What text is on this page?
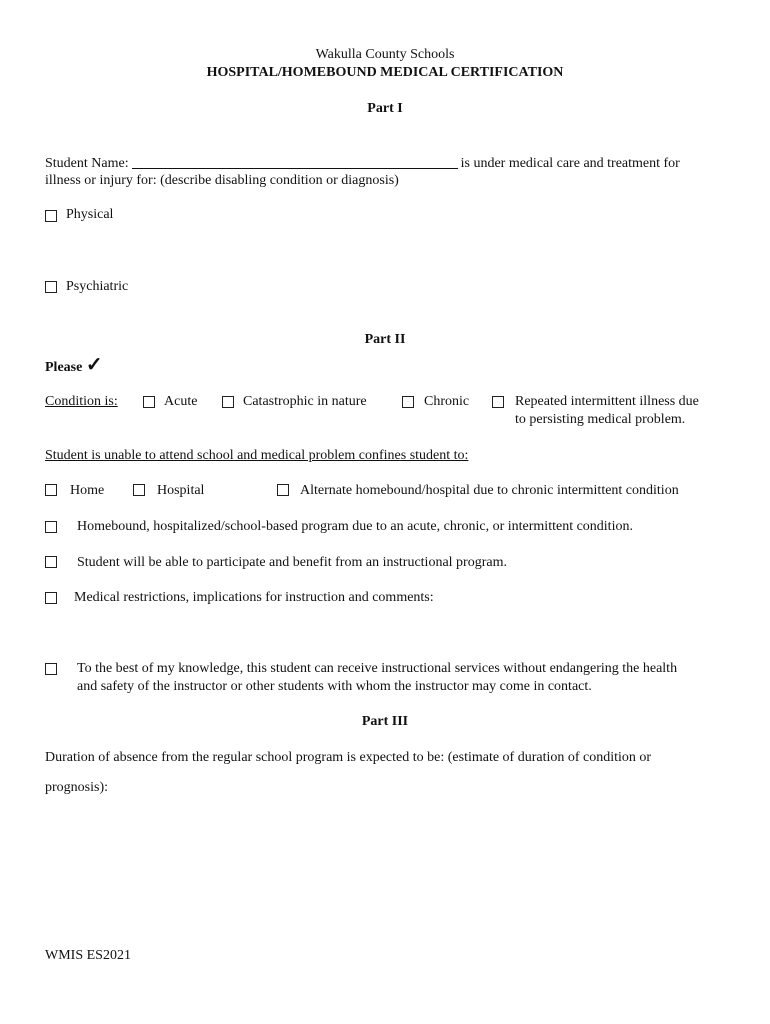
Wakulla County Schools
HOSPITAL/HOMEBOUND MEDICAL CERTIFICATION
Part I
Student Name:	is under medical care and treatment for
illness or injury for: (describe disabling condition or diagnosis)
Physical
Psychiatric
Part II
Please ✓
Condition is:	Acute	Catastrophic in nature	Chronic	Repeated intermittent illness due
to persisting medical problem.
Student is unable to attend school and medical problem confines student to:
Home	Hospital	Alternate homebound/hospital due to chronic intermittent condition
Homebound, hospitalized/school-based program due to an acute, chronic, or intermittent condition.
Student will be able to participate and benefit from an instructional program.
Medical restrictions, implications for instruction and comments:
To the best of my knowledge, this student can receive instructional services without endangering the health
and safety of the instructor or other students with whom the instructor may come in contact.
Part III
Duration of absence from the regular school program is expected to be: (estimate of duration of condition or
prognosis):
WMIS ES2021
